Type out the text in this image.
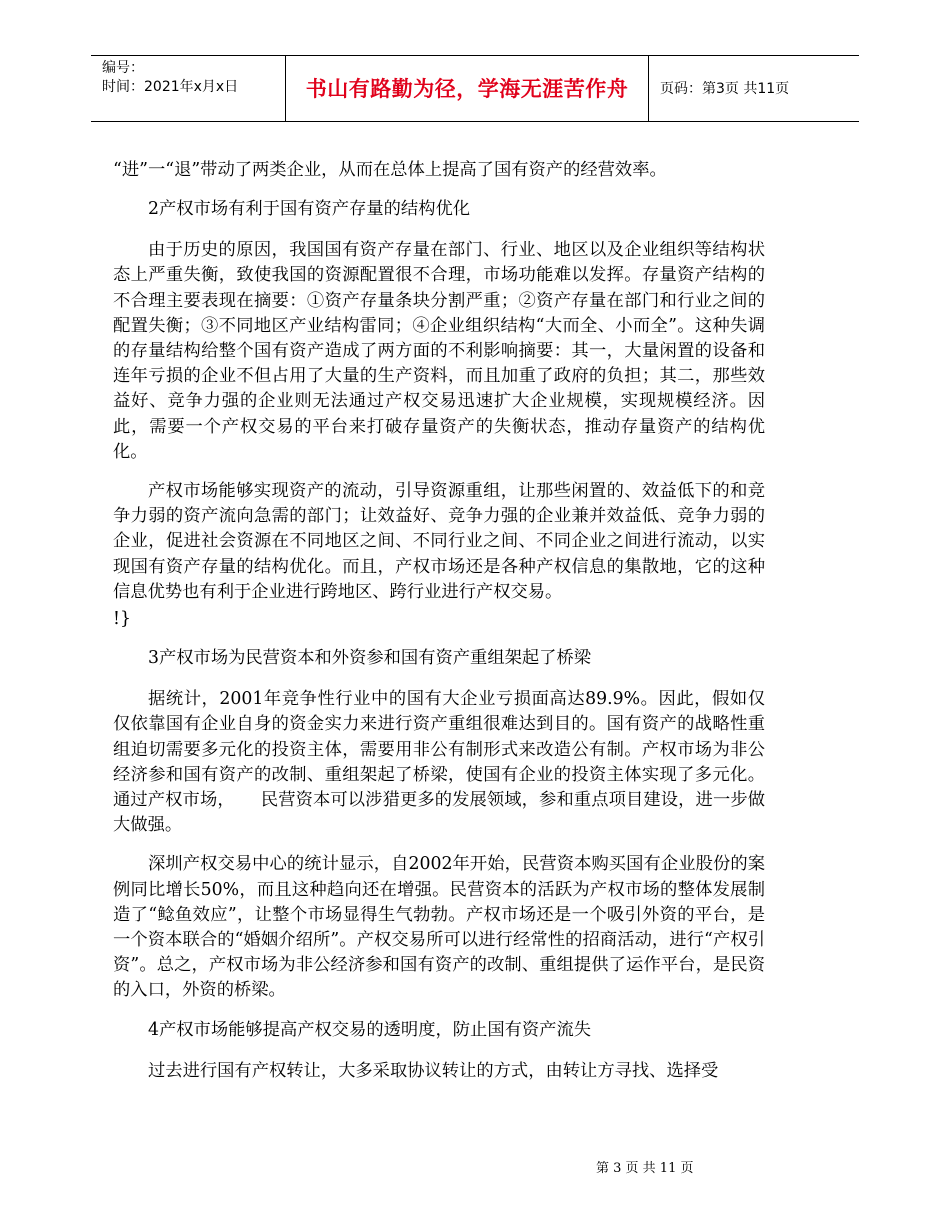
编号：
时间：2021年x月x日	书山有路勤为径，学海无涯苦作舟 页码：第3页 共11页

“进”一“退”带动了两类企业，从而在总体上提高了国有资产的经营效率。

2产权市场有利于国有资产存量的结构优化

由于历史的原因，我国国有资产存量在部门、行业、地区以及企业组织等结构状态上严重失衡，致使我国的资源配置很不合理，市场功能难以发挥。存量资产结构的不合理主要表现在摘要：①资产存量条块分割严重；②资产存量在部门和行业之间的配置失衡；③不同地区产业结构雷同；④企业组织结构“大而全、小而全”。这种失调的存量结构给整个国有资产造成了两方面的不利影响摘要：其一，大量闲置的设备和连年亏损的企业不但占用了大量的生产资料，而且加重了政府的负担；其二，那些效益好、竞争力强的企业则无法通过产权交易迅速扩大企业规模，实现规模经济。因此，需要一个产权交易的平台来打破存量资产的失衡状态，推动存量资产的结构优化。

产权市场能够实现资产的流动，引导资源重组，让那些闲置的、效益低下的和竞争力弱的资产流向急需的部门；让效益好、竞争力强的企业兼并效益低、竞争力弱的企业，促进社会资源在不同地区之间、不同行业之间、不同企业之间进行流动，以实现国有资产存量的结构优化。而且，产权市场还是各种产权信息的集散地，它的这种信息优势也有利于企业进行跨地区、跨行业进行产权交易。

!}

3产权市场为民营资本和外资参和国有资产重组架起了桥梁

据统计，2001年竞争性行业中的国有大企业亏损面高达89.9%。因此，假如仅仅依靠国有企业自身的资金实力来进行资产重组很难达到目的。国有资产的战略性重组迫切需要多元化的投资主体，需要用非公有制形式来改造公有制。产权市场为非公经济参和国有资产的改制、重组架起了桥梁，使国有企业的投资主体实现了多元化。通过产权市场，　　民营资本可以涉猎更多的发展领域，参和重点项目建设，进一步做大做强。

深圳产权交易中心的统计显示，自2002年开始，民营资本购买国有企业股份的案例同比增长50%，而且这种趋向还在增强。民营资本的活跃为产权市场的整体发展制造了“鲶鱼效应”，让整个市场显得生气勃勃。产权市场还是一个吸引外资的平台，是一个资本联合的“婚姻介绍所”。产权交易所可以进行经常性的招商活动，进行“产权引资”。总之，产权市场为非公经济参和国有资产的改制、重组提供了运作平台，是民资的入口，外资的桥梁。

4产权市场能够提高产权交易的透明度，防止国有资产流失

过去进行国有产权转让，大多采取协议转让的方式，由转让方寻找、选择受

第 3 页 共 11 页
